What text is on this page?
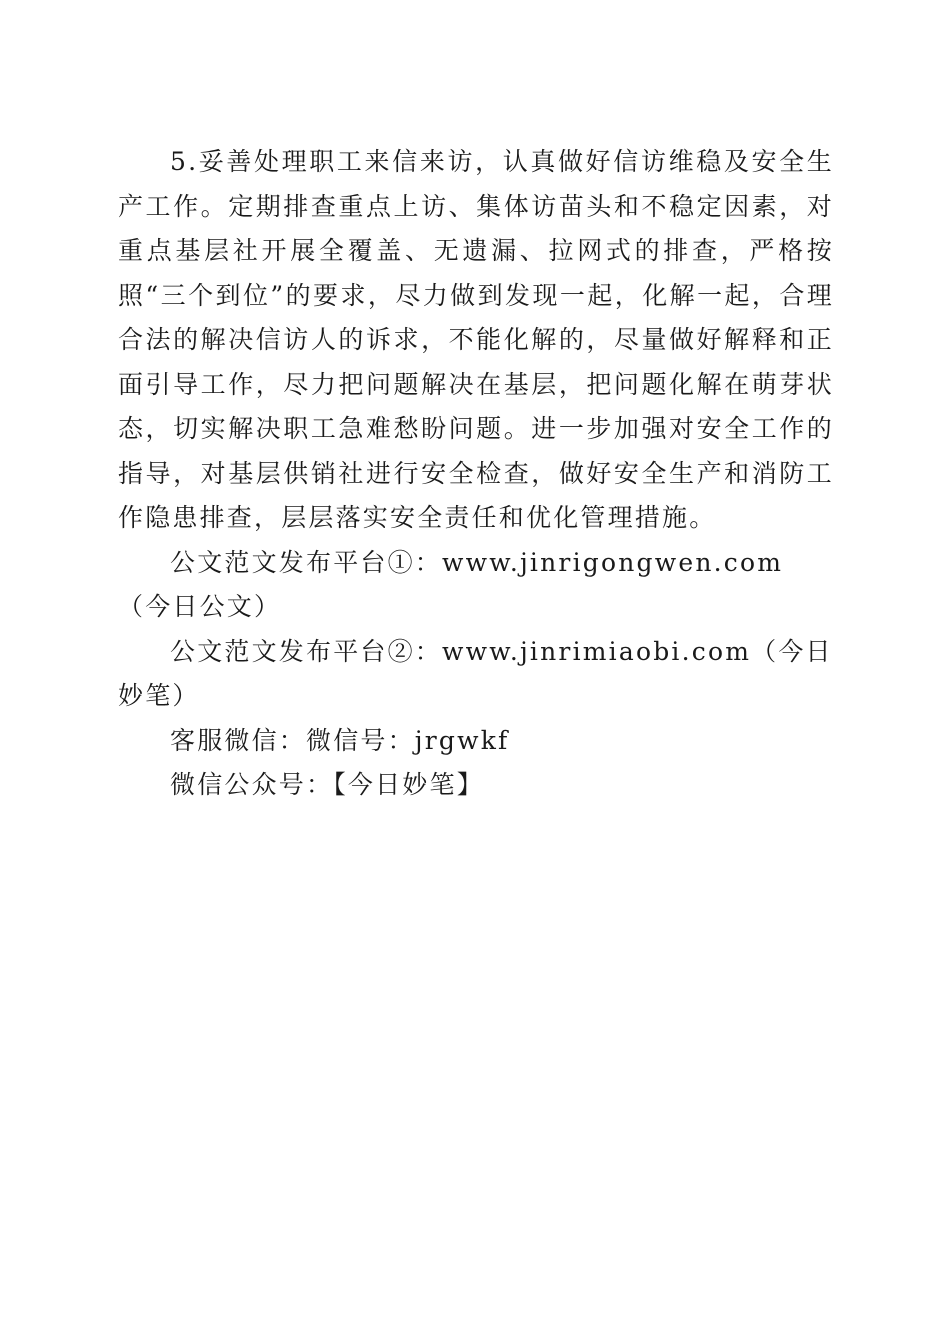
5.妥善处理职工来信来访，认真做好信访维稳及安全生产工作。定期排查重点上访、集体访苗头和不稳定因素，对重点基层社开展全覆盖、无遗漏、拉网式的排查，严格按照“三个到位”的要求，尽力做到发现一起，化解一起，合理合法的解决信访人的诉求，不能化解的，尽量做好解释和正面引导工作，尽力把问题解决在基层，把问题化解在萌芽状态，切实解决职工急难愁盼问题。进一步加强对安全工作的指导，对基层供销社进行安全检查，做好安全生产和消防工作隐患排查，层层落实安全责任和优化管理措施。

公文范文发布平台①：www.jinrigongwen.com（今日公文）

公文范文发布平台②：www.jinrimiaobi.com（今日妙笔）

客服微信：微信号：jrgwkf

微信公众号：【今日妙笔】
